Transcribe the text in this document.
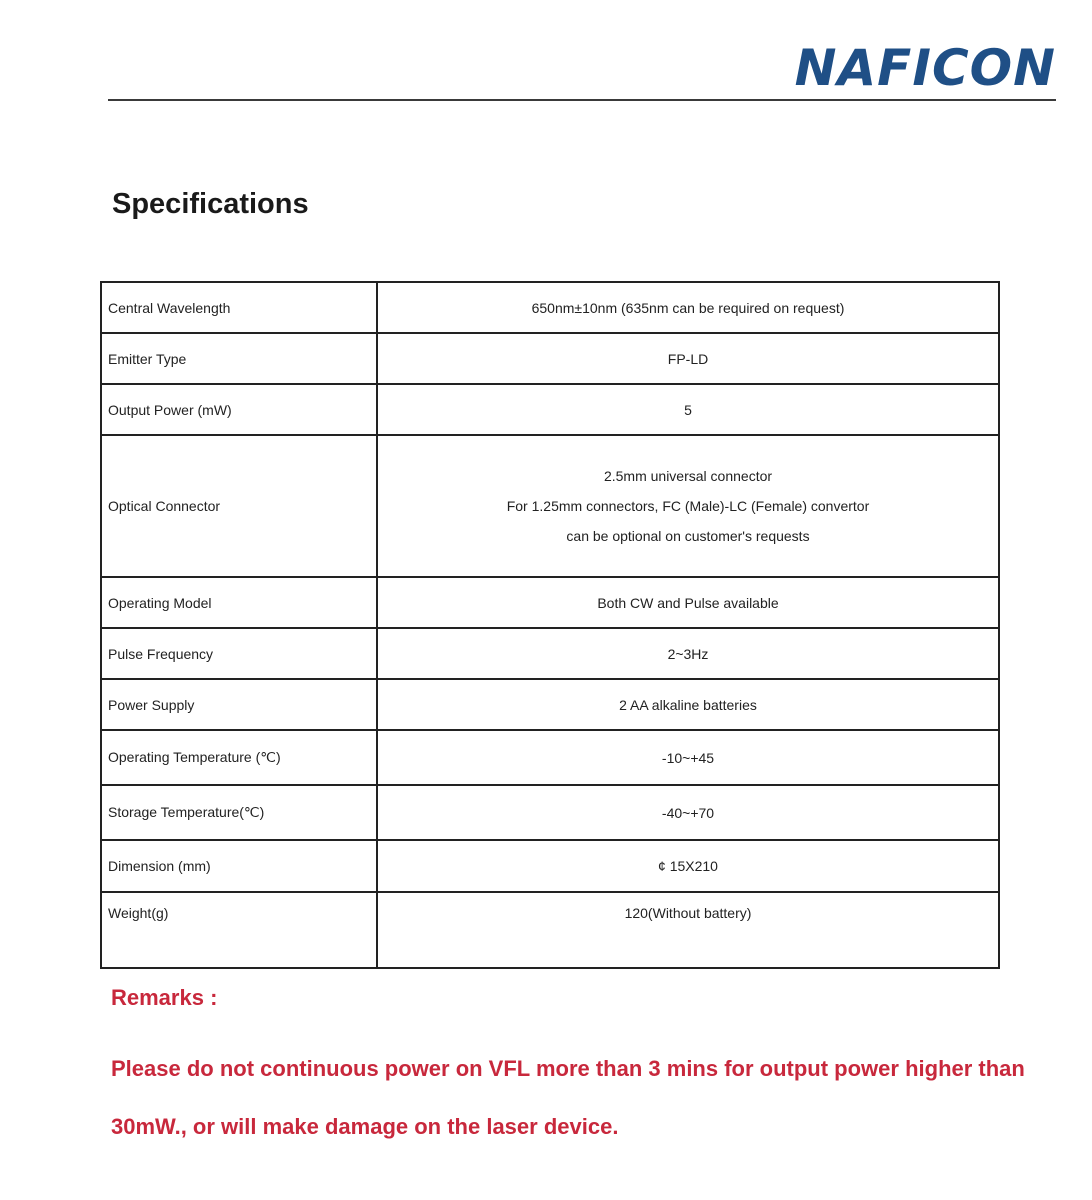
NAFICON
Specifications
Central Wavelength	650nm±10nm (635nm can be required on request)
Emitter Type	FP-LD
Output Power (mW)	5
Optical Connector	2.5mm universal connector
For 1.25mm connectors, FC (Male)-LC (Female) convertor
can be optional on customer's requests

Operating Model	Both CW and Pulse available
Pulse Frequency	2~3Hz
Power Supply	2 AA alkaline batteries
Operating Temperature (℃)	-10~+45
Storage Temperature(℃)	-40~+70
Dimension (mm)	¢ 15X210
Weight(g)	120(Without battery)
Remarks :
Please do not continuous power on VFL more than 3 mins for output power higher than 30mW., or will make damage on the laser device.
